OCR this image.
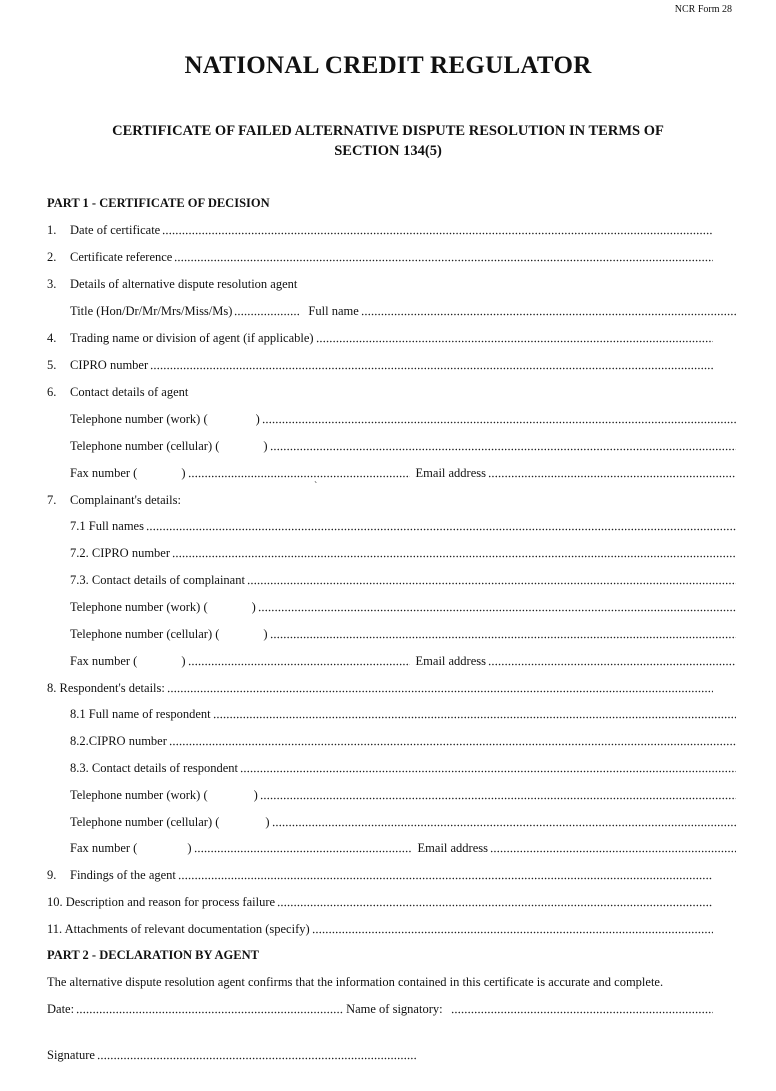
NCR Form 28
NATIONAL CREDIT REGULATOR
CERTIFICATE OF FAILED ALTERNATIVE DISPUTE RESOLUTION IN TERMS OF
SECTION 134(5)
PART 1 - CERTIFICATE OF DECISION
1.	Date of certificate
2.	Certificate reference
3.	Details of alternative dispute resolution agent
Title (Hon/Dr/Mr/Mrs/Miss/Ms)	Full name
4.	Trading name or division of agent (if applicable)
5.	CIPRO number
6.	Contact details of agent
Telephone number (work) (	)
Telephone number (cellular) (	)
Fax number (	)	Email address
`
7.	Complainant's details:
7.1 Full names
7.2. CIPRO number
7.3. Contact details of complainant
Telephone number (work) (	)
Telephone number (cellular) (	)
Fax number (	)	Email address
8. Respondent's details:
8.1 Full name of respondent
8.2.CIPRO number
8.3. Contact details of respondent
Telephone number (work) (	)
Telephone number (cellular) (	)
Fax number (	)	Email address
9.	Findings of the agent
10. Description and reason for process failure
11. Attachments of relevant documentation (specify)
PART 2 - DECLARATION BY AGENT
The alternative dispute resolution agent confirms that the information contained in this certificate is accurate and complete.
Date:	Name of signatory:
Signature
